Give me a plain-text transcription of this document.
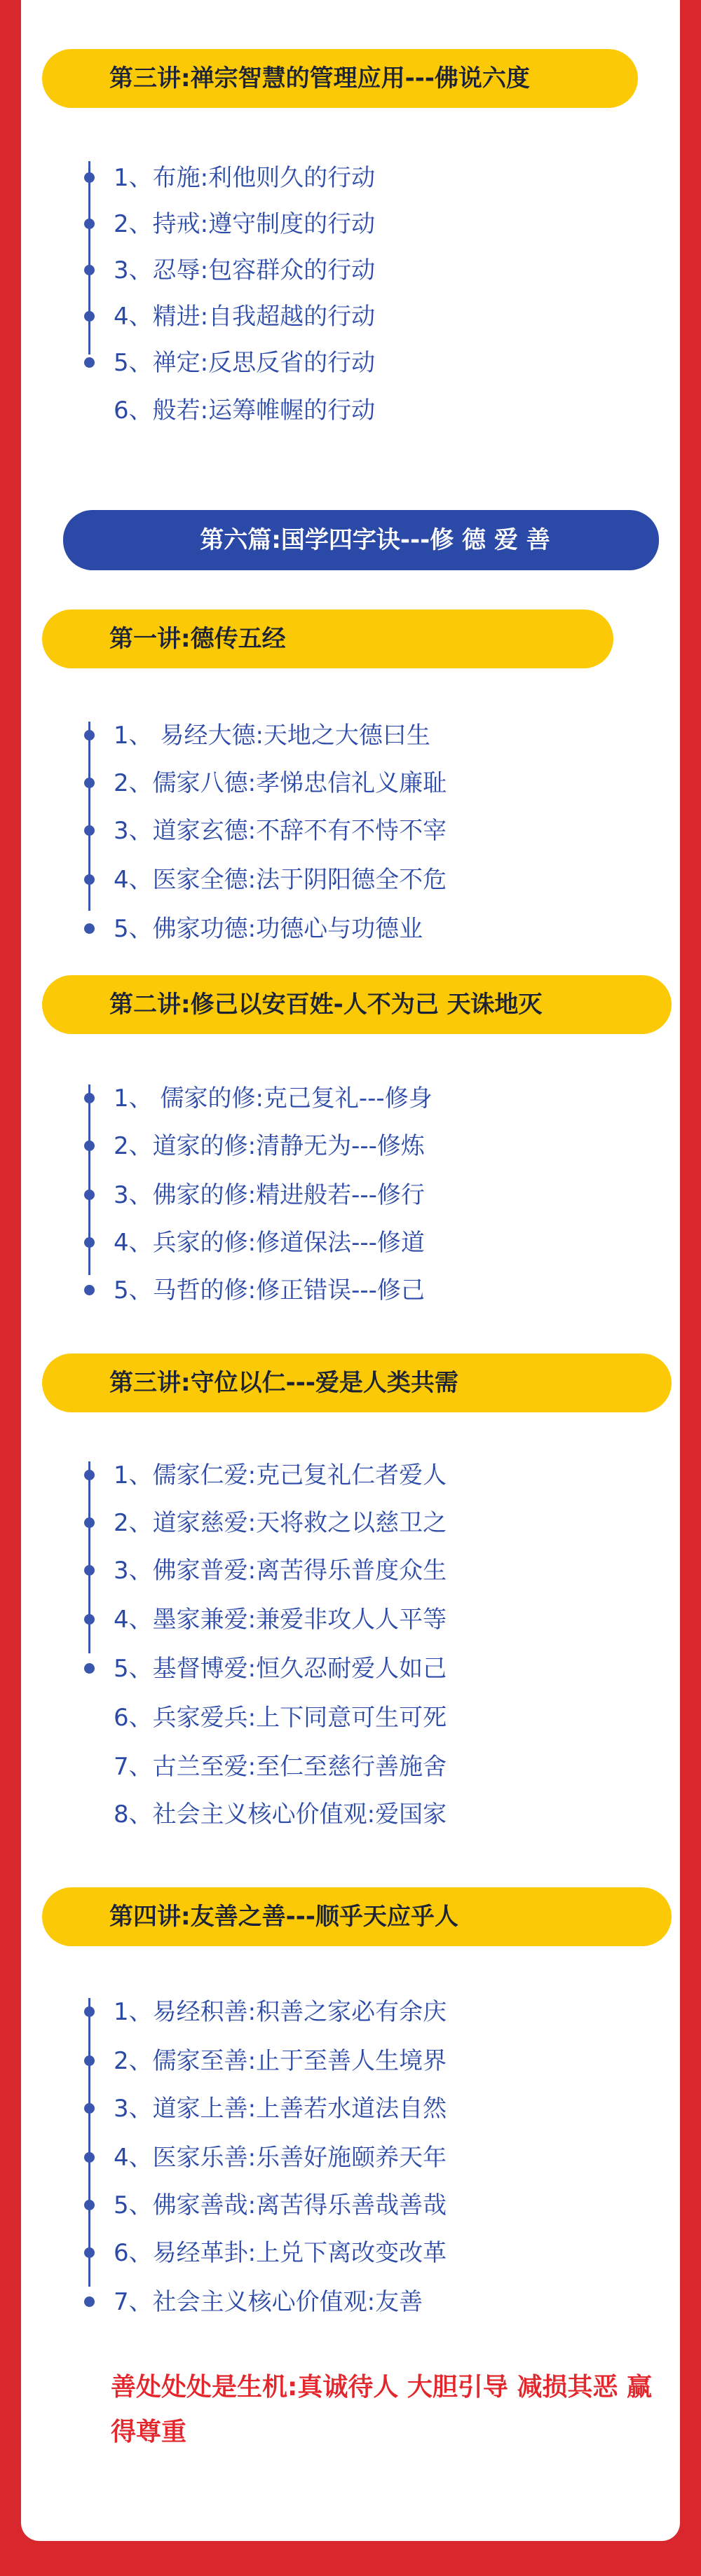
第三讲:禅宗智慧的管理应用---佛说六度
1、布施:利他则久的行动
2、持戒:遵守制度的行动
3、忍辱:包容群众的行动
4、精进:自我超越的行动
5、禅定:反思反省的行动
6、般若:运筹帷幄的行动
第一讲:德传五经
1、 易经大德:天地之大德曰生
2、儒家八德:孝悌忠信礼义廉耻
3、道家玄德:不辞不有不恃不宰
4、医家全德:法于阴阳德全不危
5、佛家功德:功德心与功德业
第二讲:修己以安百姓-人不为己 天诛地灭
1、 儒家的修:克己复礼---修身
2、道家的修:清静无为---修炼
3、佛家的修:精进般若---修行
4、兵家的修:修道保法---修道
5、马哲的修:修正错误---修己
第三讲:守位以仁---爱是人类共需
1、儒家仁爱:克己复礼仁者爱人
2、道家慈爱:天将救之以慈卫之
3、佛家普爱:离苦得乐普度众生
4、墨家兼爱:兼爱非攻人人平等
5、基督博爱:恒久忍耐爱人如己
6、兵家爱兵:上下同意可生可死
7、古兰至爱:至仁至慈行善施舍
8、社会主义核心价值观:爱国家
第四讲:友善之善---顺乎天应乎人
1、易经积善:积善之家必有余庆
2、儒家至善:止于至善人生境界
3、道家上善:上善若水道法自然
4、医家乐善:乐善好施颐养天年
5、佛家善哉:离苦得乐善哉善哉
6、易经革卦:上兑下离改变改革
7、社会主义核心价值观:友善
第六篇:国学四字诀---修 德 爱 善
善处处处是生机:真诚待人 大胆引导 减损其恶 赢得尊重
